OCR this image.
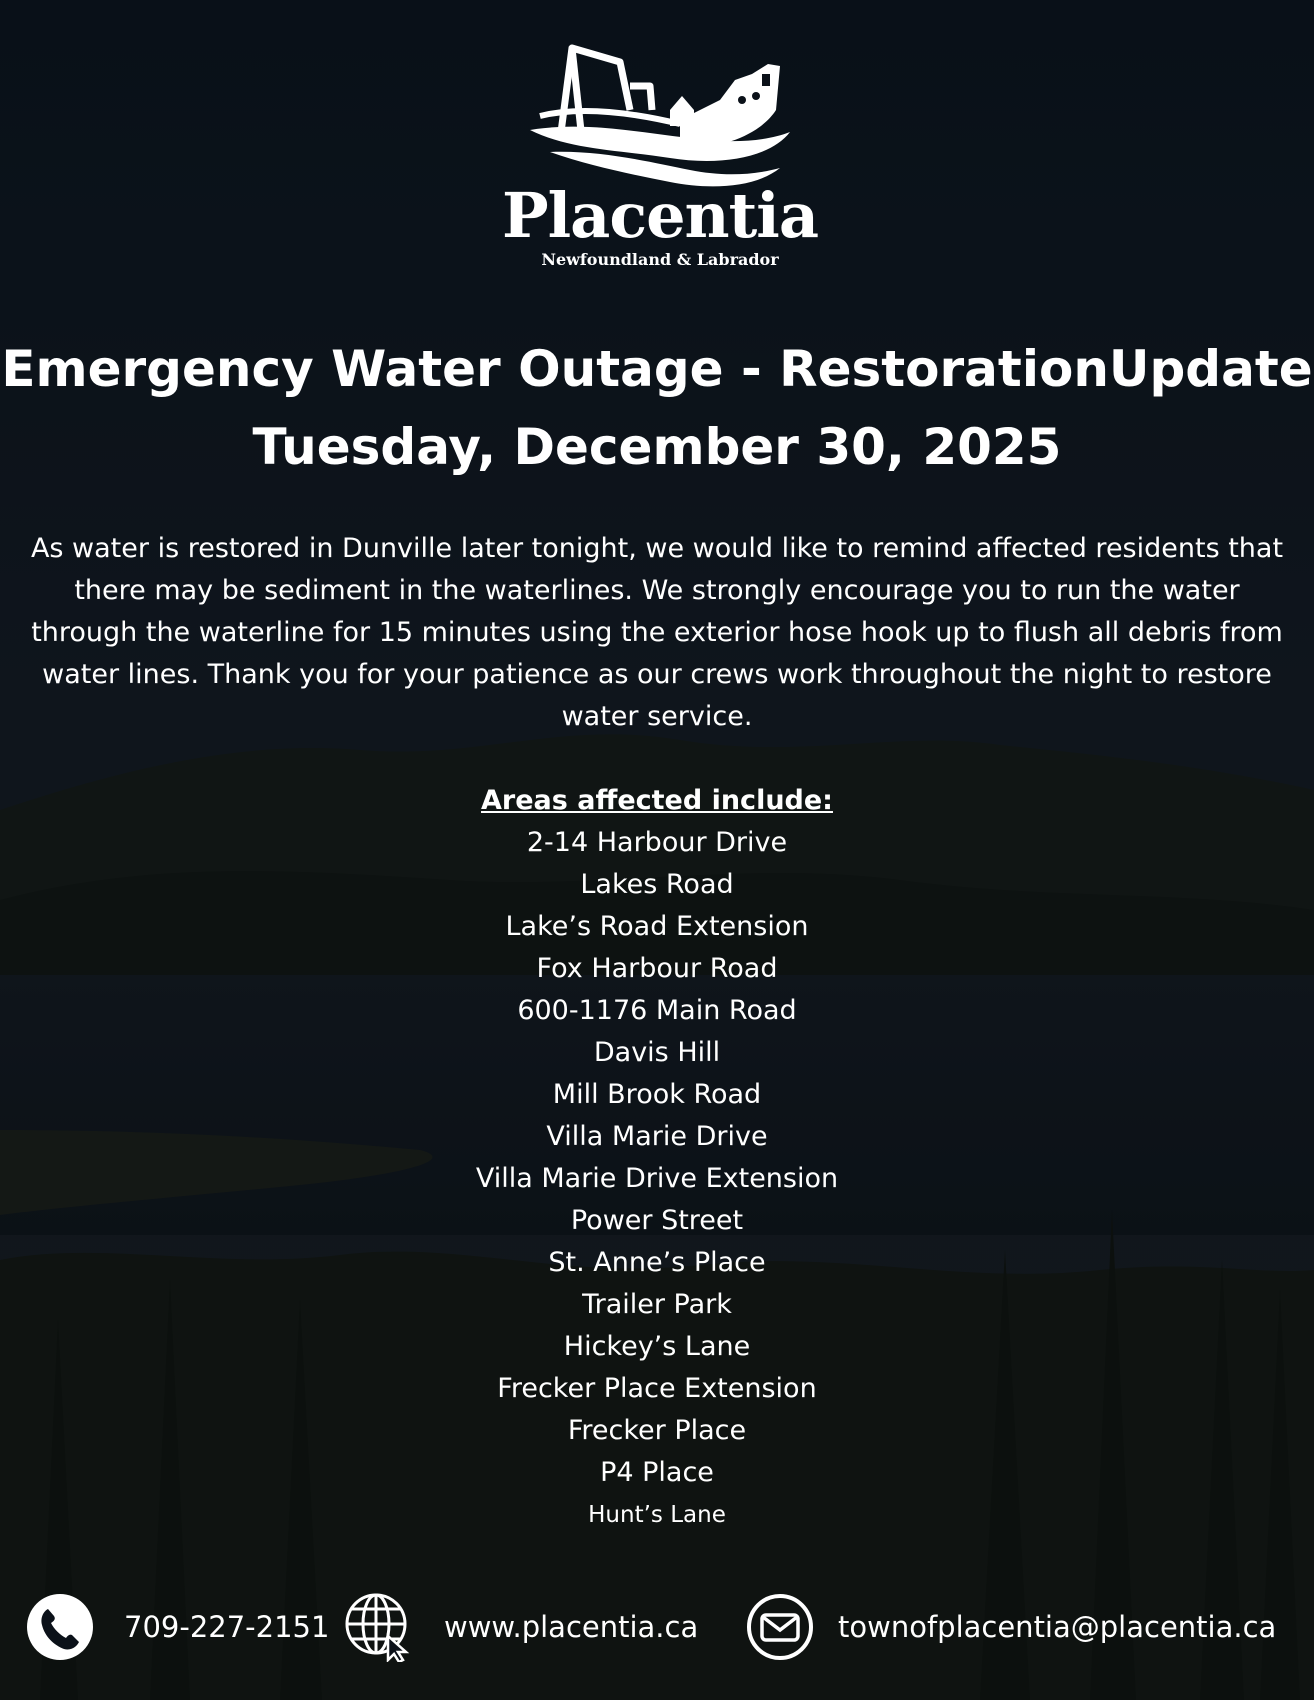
Placentia
Newfoundland & Labrador
Emergency Water Outage - RestorationUpdate
Tuesday, December 30, 2025

As water is restored in Dunville later tonight, we would like to remind affected residents that there may be sediment in the waterlines. We strongly encourage you to run the water through the waterline for 15 minutes using the exterior hose hook up to flush all debris from water lines. Thank you for your patience as our crews work throughout the night to restore water service.

Areas affected include:
2-14 Harbour Drive
Lakes Road
Lake’s Road Extension
Fox Harbour Road
600-1176 Main Road
Davis Hill
Mill Brook Road
Villa Marie Drive
Villa Marie Drive Extension
Power Street
St. Anne’s Place
Trailer Park
Hickey’s Lane
Frecker Place Extension
Frecker Place
P4 Place
Hunt’s Lane
709-227-2151	www.placentia.ca	townofplacentia@placentia.ca
